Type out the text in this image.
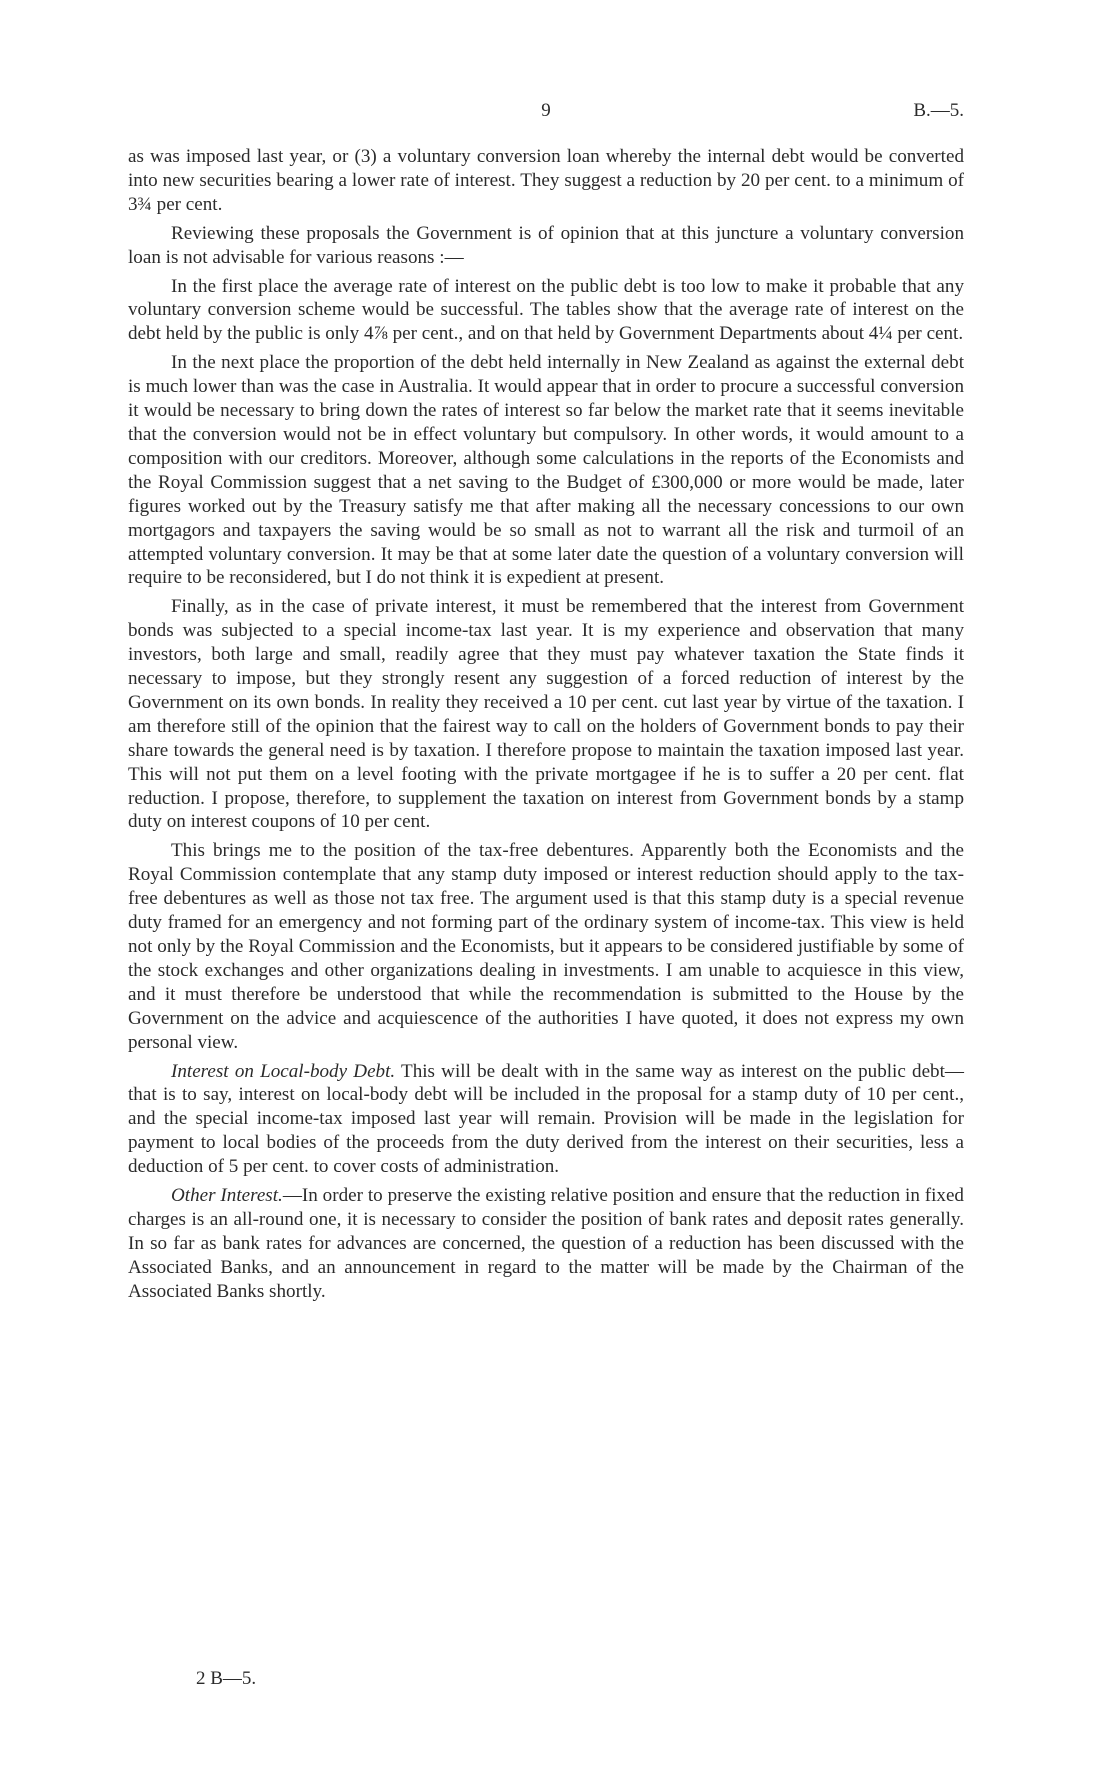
9	B.—5.

as was imposed last year, or (3) a voluntary conversion loan whereby the internal debt would be converted into new securities bearing a lower rate of interest. They suggest a reduction by 20 per cent. to a minimum of 3¾ per cent.

Reviewing these proposals the Government is of opinion that at this juncture a voluntary conversion loan is not advisable for various reasons :—

In the first place the average rate of interest on the public debt is too low to make it probable that any voluntary conversion scheme would be successful. The tables show that the average rate of interest on the debt held by the public is only 4⅞ per cent., and on that held by Government Departments about 4¼ per cent.

In the next place the proportion of the debt held internally in New Zealand as against the external debt is much lower than was the case in Australia. It would appear that in order to procure a successful conversion it would be necessary to bring down the rates of interest so far below the market rate that it seems inevitable that the conversion would not be in effect voluntary but compulsory. In other words, it would amount to a composition with our creditors. Moreover, although some calculations in the reports of the Economists and the Royal Commission suggest that a net saving to the Budget of £300,000 or more would be made, later figures worked out by the Treasury satisfy me that after making all the necessary concessions to our own mortgagors and taxpayers the saving would be so small as not to warrant all the risk and turmoil of an attempted voluntary conversion. It may be that at some later date the question of a voluntary conversion will require to be reconsidered, but I do not think it is expedient at present.

Finally, as in the case of private interest, it must be remembered that the interest from Government bonds was subjected to a special income-tax last year. It is my experience and observation that many investors, both large and small, readily agree that they must pay whatever taxation the State finds it necessary to impose, but they strongly resent any suggestion of a forced reduction of interest by the Government on its own bonds. In reality they received a 10 per cent. cut last year by virtue of the taxation. I am therefore still of the opinion that the fairest way to call on the holders of Government bonds to pay their share towards the general need is by taxation. I therefore propose to maintain the taxation imposed last year. This will not put them on a level footing with the private mortgagee if he is to suffer a 20 per cent. flat reduction. I propose, therefore, to supplement the taxation on interest from Government bonds by a stamp duty on interest coupons of 10 per cent.

This brings me to the position of the tax-free debentures. Apparently both the Economists and the Royal Commission contemplate that any stamp duty imposed or interest reduction should apply to the tax-free debentures as well as those not tax free. The argument used is that this stamp duty is a special revenue duty framed for an emergency and not forming part of the ordinary system of income-tax. This view is held not only by the Royal Commission and the Economists, but it appears to be considered justifiable by some of the stock exchanges and other organizations dealing in investments. I am unable to acquiesce in this view, and it must therefore be understood that while the recommendation is submitted to the House by the Government on the advice and acquiescence of the authorities I have quoted, it does not express my own personal view.

Interest on Local-body Debt. This will be dealt with in the same way as interest on the public debt—that is to say, interest on local-body debt will be included in the proposal for a stamp duty of 10 per cent., and the special income-tax imposed last year will remain. Provision will be made in the legislation for payment to local bodies of the proceeds from the duty derived from the interest on their securities, less a deduction of 5 per cent. to cover costs of administration.

Other Interest.—In order to preserve the existing relative position and ensure that the reduction in fixed charges is an all-round one, it is necessary to consider the position of bank rates and deposit rates generally. In so far as bank rates for advances are concerned, the question of a reduction has been discussed with the Associated Banks, and an announcement in regard to the matter will be made by the Chairman of the Associated Banks shortly.

2 B—5.
